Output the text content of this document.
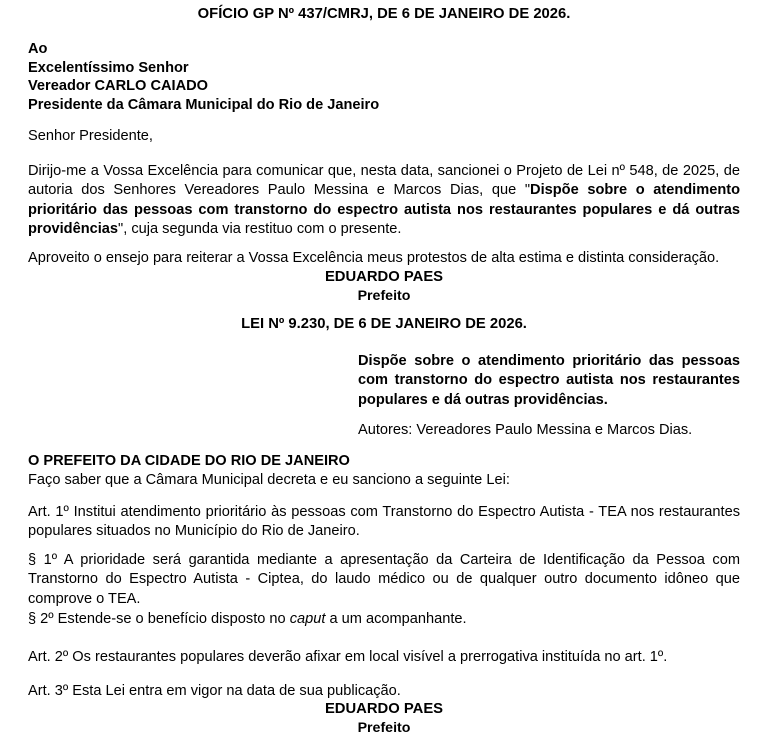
OFÍCIO GP Nº 437/CMRJ, DE 6 DE JANEIRO DE 2026.

Ao

Excelentíssimo Senhor

Vereador CARLO CAIADO

Presidente da Câmara Municipal do Rio de Janeiro

Senhor Presidente,

Dirijo-me a Vossa Excelência para comunicar que, nesta data, sancionei o Projeto de Lei nº 548, de 2025, de autoria dos Senhores Vereadores Paulo Messina e Marcos Dias, que "Dispõe sobre o atendimento prioritário das pessoas com transtorno do espectro autista nos restaurantes populares e dá outras providências", cuja segunda via restituo com o presente.

Aproveito o ensejo para reiterar a Vossa Excelência meus protestos de alta estima e distinta consideração.

EDUARDO PAES

Prefeito

LEI Nº 9.230, DE 6 DE JANEIRO DE 2026.

Dispõe sobre o atendimento prioritário das pessoas com transtorno do espectro autista nos restaurantes populares e dá outras providências.

Autores: Vereadores Paulo Messina e Marcos Dias.

O PREFEITO DA CIDADE DO RIO DE JANEIRO

Faço saber que a Câmara Municipal decreta e eu sanciono a seguinte Lei:

Art. 1º Institui atendimento prioritário às pessoas com Transtorno do Espectro Autista - TEA nos restaurantes populares situados no Município do Rio de Janeiro.

§ 1º A prioridade será garantida mediante a apresentação da Carteira de Identificação da Pessoa com Transtorno do Espectro Autista - Ciptea, do laudo médico ou de qualquer outro documento idôneo que comprove o TEA.

§ 2º Estende-se o benefício disposto no caput a um acompanhante.

Art. 2º Os restaurantes populares deverão afixar em local visível a prerrogativa instituída no art. 1º.

Art. 3º Esta Lei entra em vigor na data de sua publicação.

EDUARDO PAES

Prefeito
